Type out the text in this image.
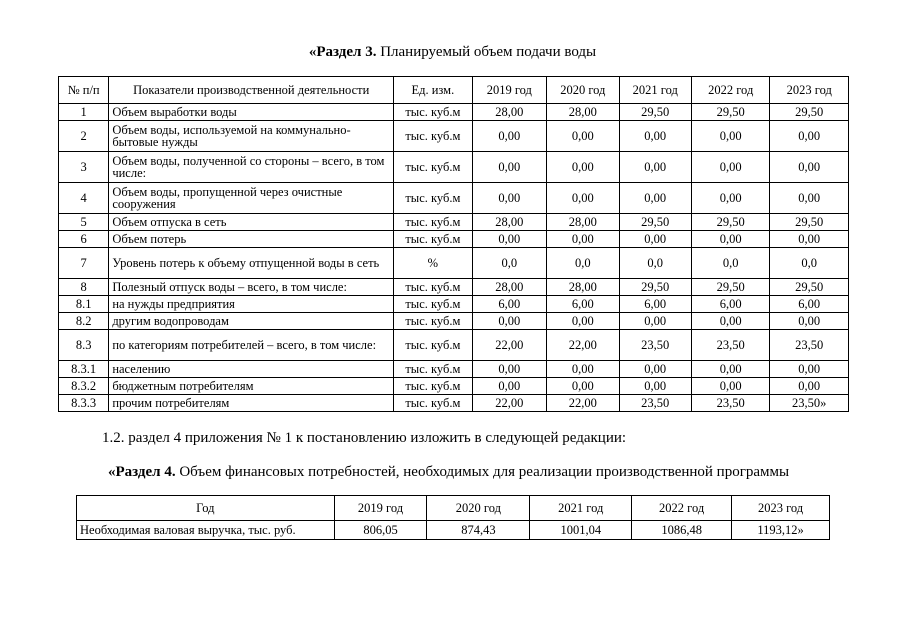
«Раздел 3. Планируемый объем подачи воды
№ п/п	Показатели производственной деятельности	Ед. изм.	2019 год	2020 год	2021 год	2022 год	2023 год
1	Объем выработки воды	тыс. куб.м	28,00	28,00	29,50	29,50	29,50
2	Объем воды, используемой на коммунально-бытовые нужды	тыс. куб.м	0,00	0,00	0,00	0,00	0,00
3	Объем воды, полученной со стороны – всего, в том числе:	тыс. куб.м	0,00	0,00	0,00	0,00	0,00
4	Объем воды, пропущенной через очистные сооружения	тыс. куб.м	0,00	0,00	0,00	0,00	0,00
5	Объем отпуска в сеть	тыс. куб.м	28,00	28,00	29,50	29,50	29,50
6	Объем потерь	тыс. куб.м	0,00	0,00	0,00	0,00	0,00
7	Уровень потерь к объему отпущенной воды в сеть	%	0,0	0,0	0,0	0,0	0,0
8	Полезный отпуск воды – всего, в том числе:	тыс. куб.м	28,00	28,00	29,50	29,50	29,50
8.1	на нужды предприятия	тыс. куб.м	6,00	6,00	6,00	6,00	6,00
8.2	другим водопроводам	тыс. куб.м	0,00	0,00	0,00	0,00	0,00
8.3	по категориям потребителей – всего, в том числе:	тыс. куб.м	22,00	22,00	23,50	23,50	23,50
8.3.1	населению	тыс. куб.м	0,00	0,00	0,00	0,00	0,00
8.3.2	бюджетным потребителям	тыс. куб.м	0,00	0,00	0,00	0,00	0,00
8.3.3	прочим потребителям	тыс. куб.м	22,00	22,00	23,50	23,50	23,50»
1.2. раздел 4 приложения № 1 к постановлению изложить в следующей редакции:
«Раздел 4. Объем финансовых потребностей, необходимых для реализации производственной программы
Год	2019 год	2020 год	2021 год	2022 год	2023 год
Необходимая валовая выручка, тыс. руб.	806,05	874,43	1001,04	1086,48	1193,12»
